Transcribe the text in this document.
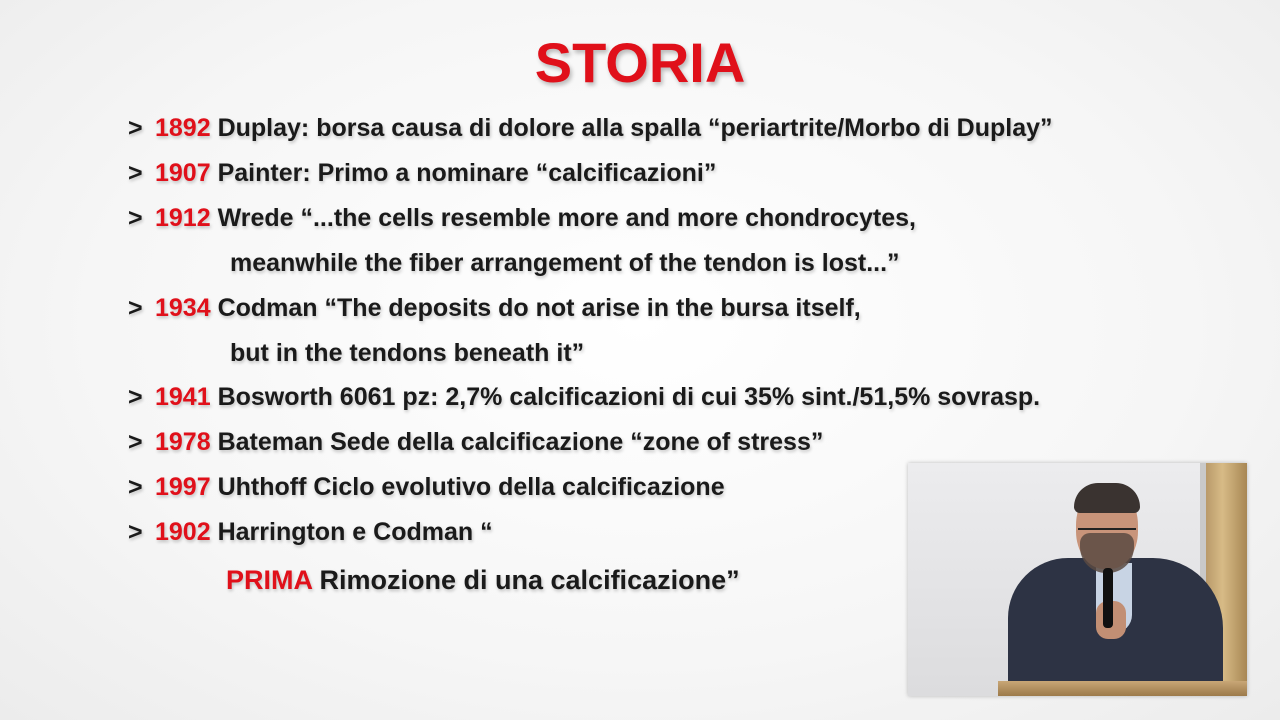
STORIA
> 1892 Duplay: borsa causa di dolore alla spalla “periartrite/Morbo di Duplay”
> 1907 Painter: Primo a nominare “calcificazioni”
> 1912 Wrede “...the cells resemble more and more chondrocytes,
meanwhile the fiber arrangement of the tendon is lost...”
> 1934 Codman “The deposits do not arise in the bursa itself,
but in the tendons beneath it”
> 1941 Bosworth 6061 pz: 2,7% calcificazioni di cui 35% sint./51,5% sovrasp.
> 1978 Bateman Sede della calcificazione “zone of stress”
> 1997 Uhthoff Ciclo evolutivo della calcificazione
> 1902 Harrington e Codman “
PRIMA Rimozione di una calcificazione”
